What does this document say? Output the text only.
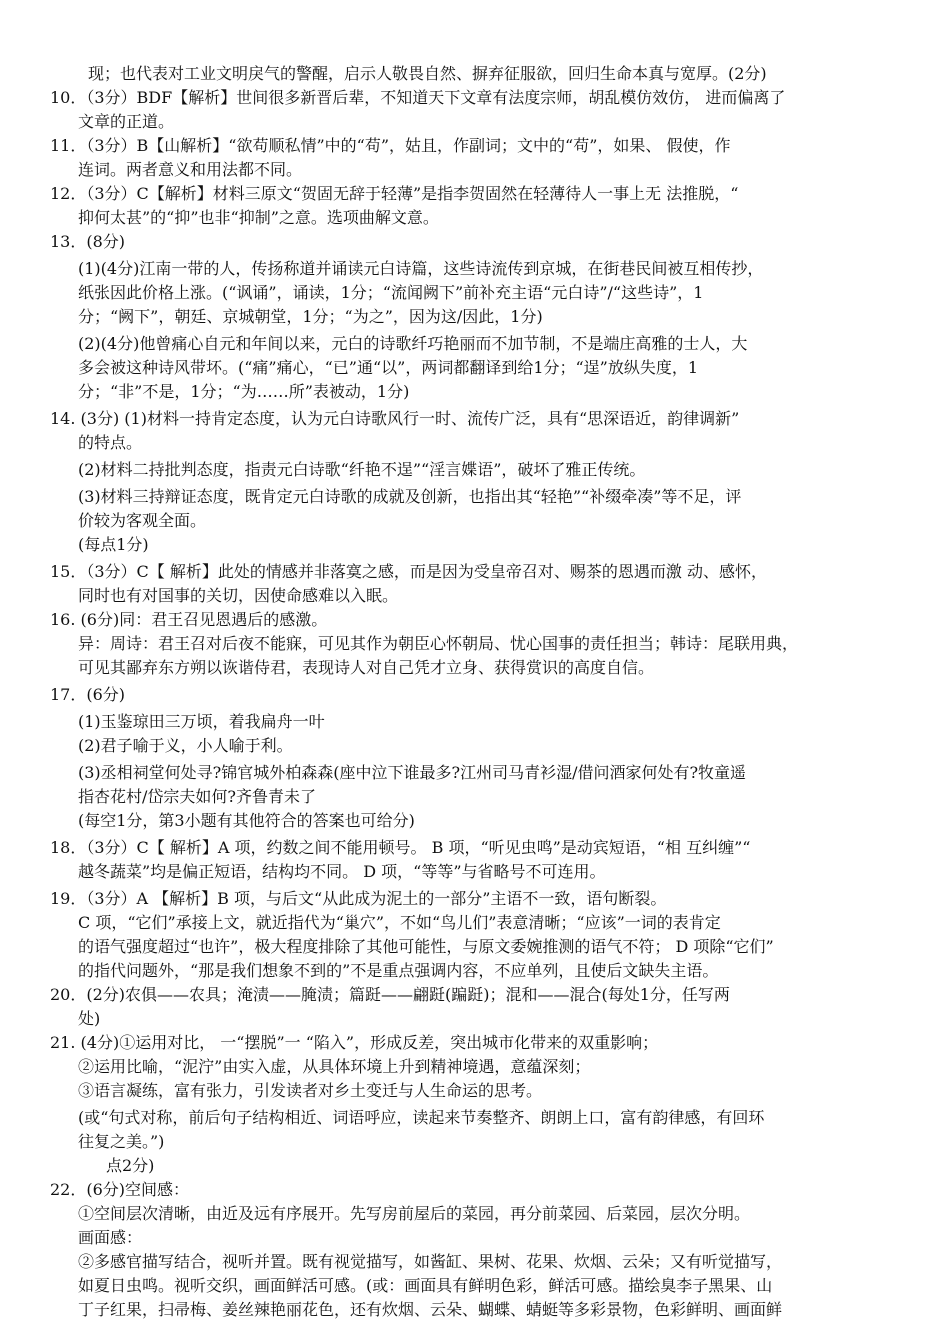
现；也代表对工业文明戾气的警醒，启示人敬畏自然、摒弃征服欲，回归生命本真与宽厚。(2分)
10．（3分）BDF【解析】世间很多新晋后辈，不知道天下文章有法度宗师，胡乱模仿效仿， 进而偏离了
文章的正道。
11．（3分）B【山解析】“欲苟顺私情”中的“苟”，姑且，作副词；文中的“苟”，如果、 假使，作
连词。两者意义和用法都不同。
12．（3分）C【解析】材料三原文“贺固无辞于轻薄”是指李贺固然在轻薄待人一事上无 法推脱，“
抑何太甚”的“抑”也非“抑制”之意。选项曲解文意。
13．(8分)
(1)(4分)江南一带的人，传扬称道并诵读元白诗篇，这些诗流传到京城，在街巷民间被互相传抄，
纸张因此价格上涨。(“讽诵”，诵读，1分；“流闻阙下”前补充主语“元白诗”/“这些诗”，1
分；“阙下”，朝廷、京城朝堂，1分；“为之”，因为这/因此，1分)
(2)(4分)他曾痛心自元和年间以来，元白的诗歌纤巧艳丽而不加节制，不是端庄高雅的士人，大
多会被这种诗风带坏。(“痛”痛心，“已”通“以”，两词都翻译到给1分；“逞”放纵失度，1
分；“非”不是，1分；“为……所”表被动，1分)
14. (3分) (1)材料一持肯定态度，认为元白诗歌风行一时、流传广泛，具有“思深语近，韵律调新”
的特点。
(2)材料二持批判态度，指责元白诗歌“纤艳不逞”“淫言媟语”，破坏了雅正传统。
(3)材料三持辩证态度，既肯定元白诗歌的成就及创新，也指出其“轻艳”“补缀牵凑”等不足，评
价较为客观全面。
(每点1分)
15．（3分）C【 解析】此处的情感并非落寞之感，而是因为受皇帝召对、赐茶的恩遇而激 动、感怀，
同时也有对国事的关切，因使命感难以入眠。
16. (6分)同：君王召见恩遇后的感激。
异：周诗：君王召对后夜不能寐，可见其作为朝臣心怀朝局、忧心国事的责任担当；韩诗：尾联用典，
可见其鄙弃东方朔以诙谐侍君，表现诗人对自己凭才立身、获得赏识的高度自信。
17．(6分)
(1)玉鉴琼田三万顷，着我扁舟一叶
(2)君子喻于义，小人喻于利。
(3)丞相祠堂何处寻?锦官城外柏森森(座中泣下谁最多?江州司马青衫湿/借问酒家何处有?牧童遥
指杏花村/岱宗夫如何?齐鲁青未了
(每空1分，第3小题有其他符合的答案也可给分)
18．（3分）C【 解析】A 项，约数之间不能用顿号。 B 项，“听见虫鸣”是动宾短语，“相 互纠缠”“
越冬蔬菜”均是偏正短语，结构均不同。 D 项，“等等”与省略号不可连用。
19．（3分）A 【解析】B 项，与后文“从此成为泥土的一部分”主语不一致，语句断裂。
C 项，“它们”承接上文，就近指代为“巢穴”，不如“鸟儿们”表意清晰；“应该”一词的表肯定
的语气强度超过“也许”，极大程度排除了其他可能性，与原文委婉推测的语气不符； D 项除“它们”
的指代问题外，“那是我们想象不到的”不是重点强调内容，不应单列，且使后文缺失主语。
20．(2分)农俱——农具；淹渍——腌渍；篇跹——翩跹(蹁跹)；混和——混合(每处1分，任写两
处)
21. (4分)①运用对比， 一“摆脱”一 “陷入”，形成反差，突出城市化带来的双重影响；
②运用比喻，“泥泞”由实入虚，从具体环境上升到精神境遇，意蕴深刻；
③语言凝练，富有张力，引发读者对乡土变迁与人生命运的思考。
(或“句式对称，前后句子结构相近、词语呼应，读起来节奏整齐、朗朗上口，富有韵律感，有回环
往复之美。”)
点2分)
22．(6分)空间感：
①空间层次清晰，由近及远有序展开。先写房前屋后的菜园，再分前菜园、后菜园，层次分明。
画面感：
②多感官描写结合，视听并置。既有视觉描写，如酱缸、果树、花果、炊烟、云朵；又有听觉描写，
如夏日虫鸣。视听交织，画面鲜活可感。(或：画面具有鲜明色彩，鲜活可感。描绘臭李子黑果、山
丁子红果，扫帚梅、姜丝辣艳丽花色，还有炊烟、云朵、蝴蝶、蜻蜓等多彩景物，色彩鲜明、画面鲜
